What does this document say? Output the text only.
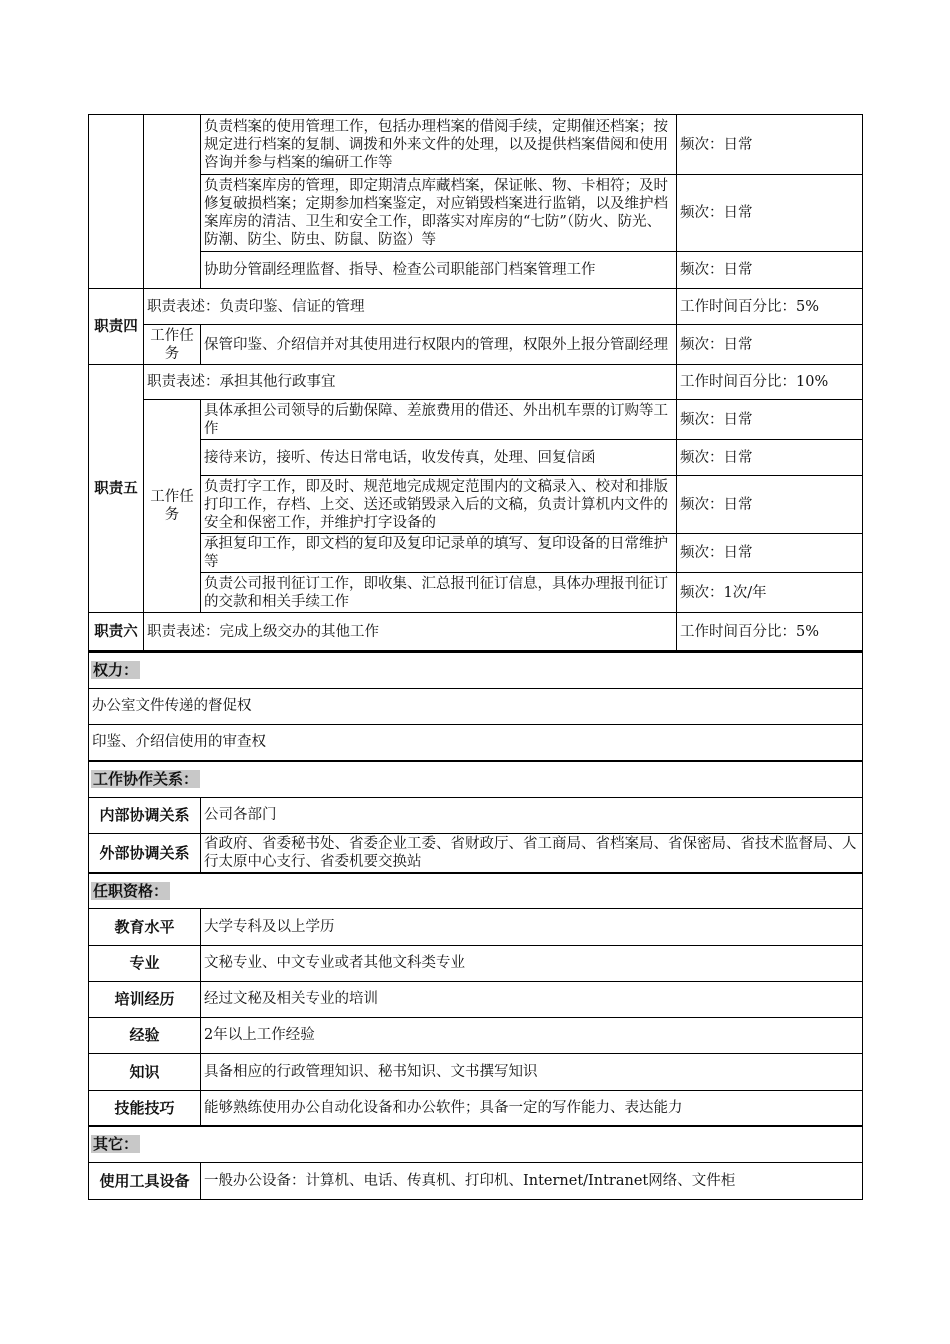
		负责档案的使用管理工作，包括办理档案的借阅手续，定期催还档案；按规定进行档案的复制、调拨和外来文件的处理，以及提供档案借阅和使用咨询并参与档案的编研工作等	频次：日常
		负责档案库房的管理，即定期清点库藏档案，保证帐、物、卡相符；及时修复破损档案；定期参加档案鉴定，对应销毁档案进行监销，以及维护档案库房的清洁、卫生和安全工作，即落实对库房的“七防”（防火、防光、防潮、防尘、防虫、防鼠、防盗）等	频次：日常
		协助分管副经理监督、指导、检查公司职能部门档案管理工作	频次：日常
职责四	职责表述：负责印鉴、信证的管理		工作时间百分比：5%
	工作任务	保管印鉴、介绍信并对其使用进行权限内的管理，权限外上报分管副经理	频次：日常
职责五	职责表述：承担其他行政事宜		工作时间百分比：10%
	工作任务	具体承担公司领导的后勤保障、差旅费用的借还、外出机车票的订购等工作	频次：日常
		接待来访，接听、传达日常电话，收发传真，处理、回复信函	频次：日常
		负责打字工作，即及时、规范地完成规定范围内的文稿录入、校对和排版打印工作，存档、上交、送还或销毁录入后的文稿，负责计算机内文件的安全和保密工作，并维护打字设备的	频次：日常
		承担复印工作，即文档的复印及复印记录单的填写、复印设备的日常维护等	频次：日常
		负责公司报刊征订工作，即收集、汇总报刊征订信息，具体办理报刊征订的交款和相关手续工作	频次：1次/年
职责六	职责表述：完成上级交办的其他工作		工作时间百分比：5%
权力：	
办公室文件传递的督促权	
印鉴、介绍信使用的审查权	
工作协作关系：	
内部协调关系	公司各部门
外部协调关系	省政府、省委秘书处、省委企业工委、省财政厅、省工商局、省档案局、省保密局、省技术监督局、人行太原中心支行、省委机要交换站
任职资格：	
教育水平	大学专科及以上学历
专业	文秘专业、中文专业或者其他文科类专业
培训经历	经过文秘及相关专业的培训
经验	2年以上工作经验
知识	具备相应的行政管理知识、秘书知识、文书撰写知识
技能技巧	能够熟练使用办公自动化设备和办公软件；具备一定的写作能力、表达能力
其它：	
使用工具设备	一般办公设备：计算机、电话、传真机、打印机、Internet/Intranet网络、文件柜
